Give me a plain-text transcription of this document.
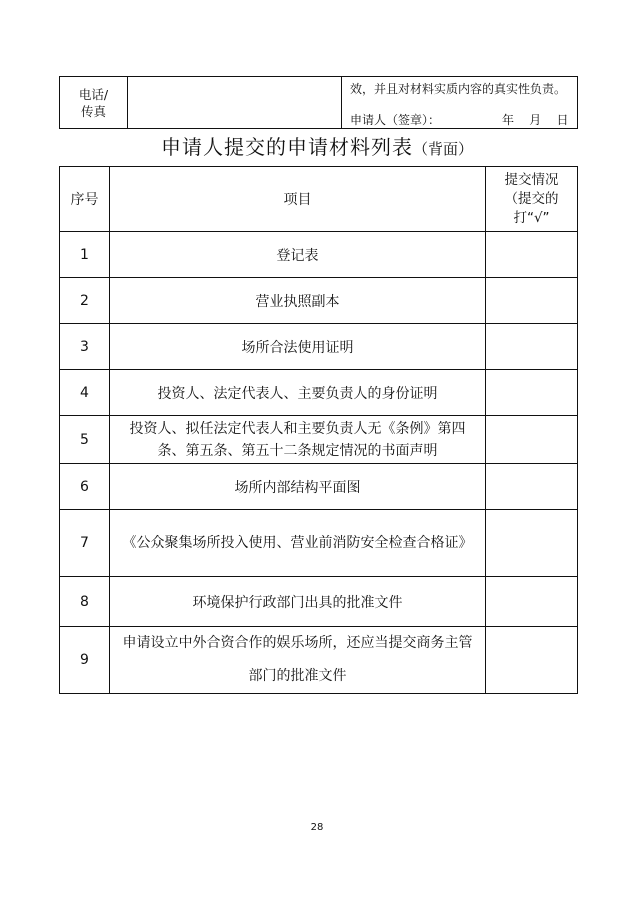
电话/传真

效，并且对材料实质内容的真实性负责。
申请人（签章）：	年    月    日
申请人提交的申请材料列表（背面）
序号	项目	提交情况（提交的打“√”

1	登记表	
2	营业执照副本	
3	场所合法使用证明	
4	投资人、法定代表人、主要负责人的身份证明	
5	投资人、拟任法定代表人和主要负责人无《条例》第四条、第五条、第五十二条规定情况的书面声明	

6	场所内部结构平面图	
7	《公众聚集场所投入使用、营业前消防安全检查合格证》	

8	环境保护行政部门出具的批准文件	
9	申请设立中外合资合作的娱乐场所，还应当提交商务主管部门的批准文件	

28
